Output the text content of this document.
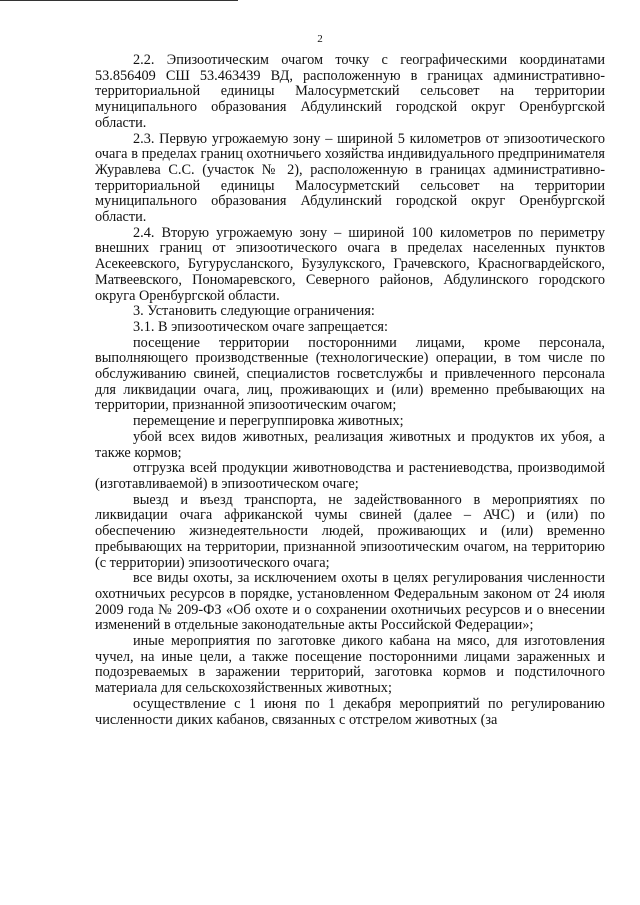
2

2.2. Эпизоотическим очагом точку с географическими координатами 53.856409 СШ 53.463439 ВД, расположенную в границах административно-территориальной единицы Малосурметский сельсовет на территории муниципального образования Абдулинский городской округ Оренбургской области.

2.3. Первую угрожаемую зону – шириной 5 километров от эпизоотического очага в пределах границ охотничьего хозяйства индивидуального предпринимателя Журавлева С.С. (участок № 2), расположенную в границах административно-территориальной единицы Малосурметский сельсовет на территории муниципального образования Абдулинский городской округ Оренбургской области.

2.4. Вторую угрожаемую зону – шириной 100 километров по периметру внешних границ от эпизоотического очага в пределах населенных пунктов Асекеевского, Бугурусланского, Бузулукского, Грачевского, Красногвардейского, Матвеевского, Пономаревского, Северного районов, Абдулинского городского округа Оренбургской области.

3. Установить следующие ограничения:

3.1. В эпизоотическом очаге запрещается:

посещение территории посторонними лицами, кроме персонала, выполняющего производственные (технологические) операции, в том числе по обслуживанию свиней, специалистов госветслужбы и привлеченного персонала для ликвидации очага, лиц, проживающих и (или) временно пребывающих на территории, признанной эпизоотическим очагом;

перемещение и перегруппировка животных;

убой всех видов животных, реализация животных и продуктов их убоя, а также кормов;

отгрузка всей продукции животноводства и растениеводства, производимой (изготавливаемой) в эпизоотическом очаге;

выезд и въезд транспорта, не задействованного в мероприятиях по ликвидации очага африканской чумы свиней (далее – АЧС) и (или) по обеспечению жизнедеятельности людей, проживающих и (или) временно пребывающих на территории, признанной эпизоотическим очагом, на территорию (с территории) эпизоотического очага;

все виды охоты, за исключением охоты в целях регулирования численности охотничьих ресурсов в порядке, установленном Федеральным законом от 24 июля 2009 года № 209-ФЗ «Об охоте и о сохранении охотничьих ресурсов и о внесении изменений в отдельные законодательные акты Российской Федерации»;

иные мероприятия по заготовке дикого кабана на мясо, для изготовления чучел, на иные цели, а также посещение посторонними лицами зараженных и подозреваемых в заражении территорий, заготовка кормов и подстилочного материала для сельскохозяйственных животных;

осуществление с 1 июня по 1 декабря мероприятий по регулированию численности диких кабанов, связанных с отстрелом животных (за
